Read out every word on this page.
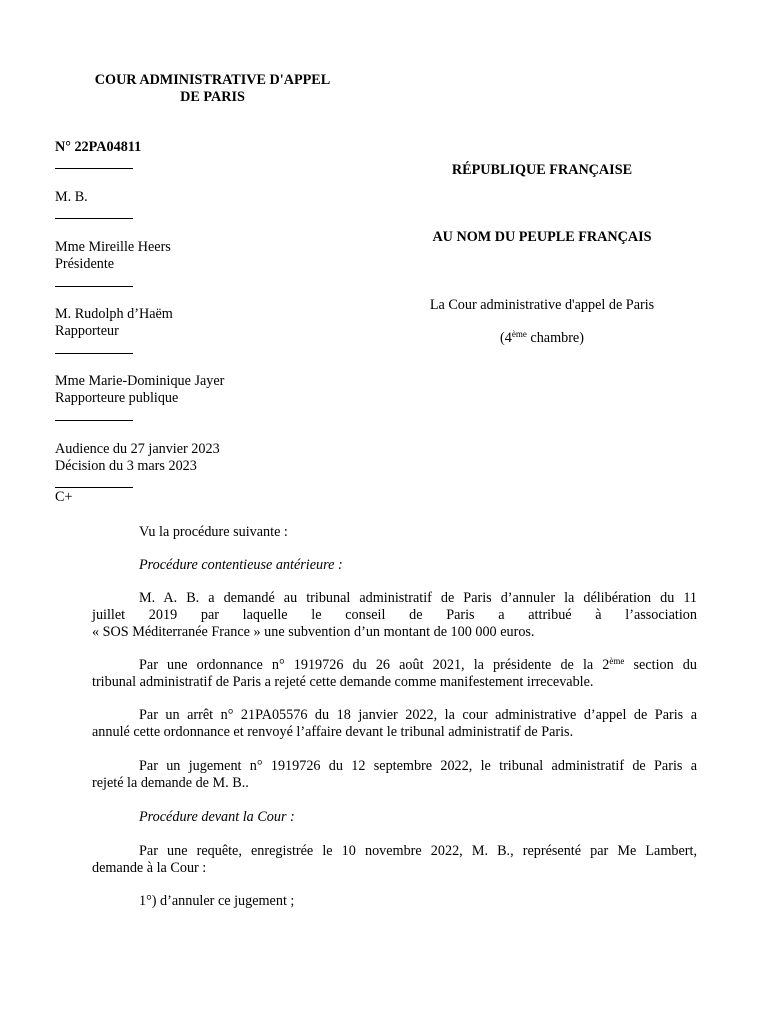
COUR ADMINISTRATIVE D'APPEL
DE PARIS
N° 22PA04811
M. B.
Mme Mireille Heers
Présidente
M. Rudolph d’Haëm
Rapporteur
Mme Marie-Dominique Jayer
Rapporteure publique
Audience du 27 janvier 2023
Décision du 3 mars 2023
C+
RÉPUBLIQUE FRANÇAISE
AU NOM DU PEUPLE FRANÇAIS
La Cour administrative d'appel de Paris
(4ème chambre)
Vu la procédure suivante :
Procédure contentieuse antérieure :
M. A. B. a demandé au tribunal administratif de Paris d’annuler la délibération du 11
juillet 2019 par laquelle le conseil de Paris a attribué à l’association
« SOS Méditerranée France » une subvention d’un montant de 100 000 euros.
Par une ordonnance n° 1919726 du 26 août 2021, la présidente de la 2ème section du
tribunal administratif de Paris a rejeté cette demande comme manifestement irrecevable.
Par un arrêt n° 21PA05576 du 18 janvier 2022, la cour administrative d’appel de Paris a
annulé cette ordonnance et renvoyé l’affaire devant le tribunal administratif de Paris.
Par un jugement n° 1919726 du 12 septembre 2022, le tribunal administratif de Paris a
rejeté la demande de M. B..
Procédure devant la Cour :
Par une requête, enregistrée le 10 novembre 2022, M. B., représenté par Me Lambert,
demande à la Cour :
1°) d’annuler ce jugement ;
